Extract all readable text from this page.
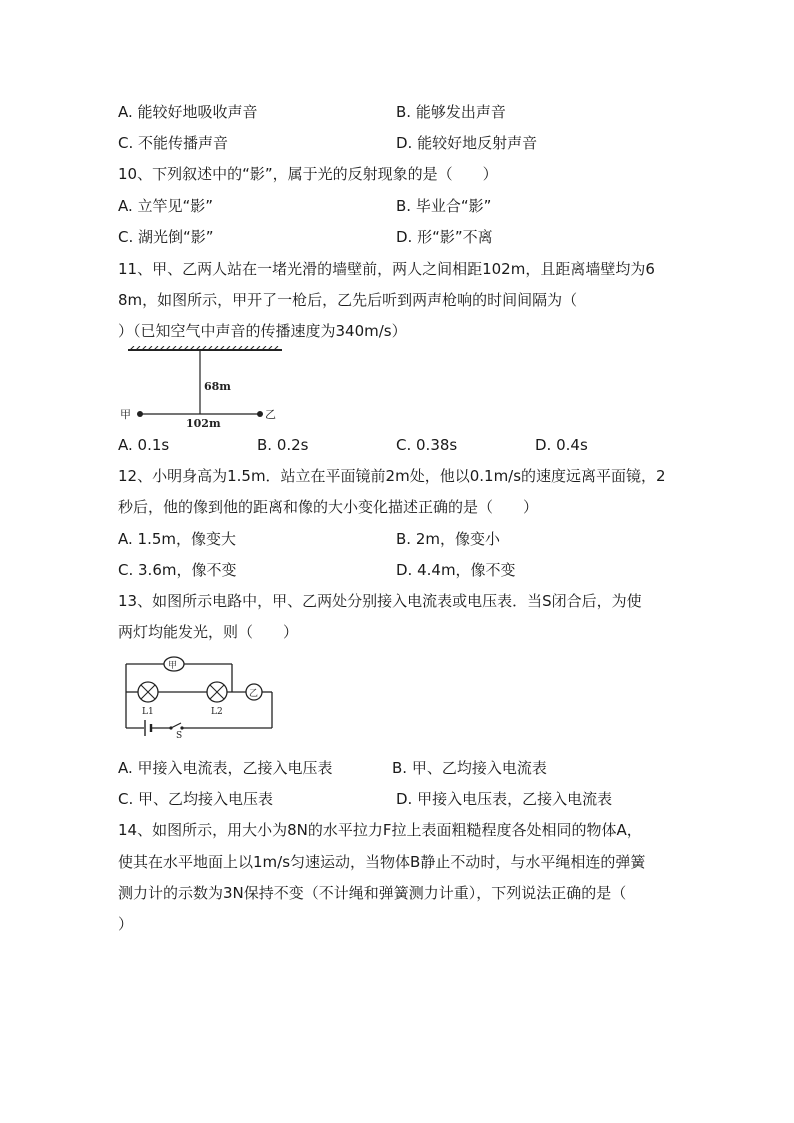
A. 能较好地吸收声音	B. 能够发出声音
C. 不能传播声音	D. 能较好地反射声音
10、下列叙述中的“影”，属于光的反射现象的是（　　）
A. 立竿见“影”	B. 毕业合“影”
C. 湖光倒“影”	D. 形“影”不离
11、甲、乙两人站在一堵光滑的墙壁前，两人之间相距102m，且距离墙壁均为6
8m，如图所示，甲开了一枪后，乙先后听到两声枪响的时间间隔为（
）（已知空气中声音的传播速度为340m/s）
68m
102m
甲	乙
A. 0.1s	B. 0.2s	C. 0.38s	D. 0.4s
12、小明身高为1.5m．站立在平面镜前2m处，他以0.1m/s的速度远离平面镜，2
秒后，他的像到他的距离和像的大小变化描述正确的是（　　）
A. 1.5m，像变大	B. 2m，像变小
C. 3.6m，像不变	D. 4.4m，像不变
13、如图所示电路中，甲、乙两处分别接入电流表或电压表．当S闭合后，为使
两灯均能发光，则（　　）
甲
L1	L2
乙
S
A. 甲接入电流表，乙接入电压表	B. 甲、乙均接入电流表
C. 甲、乙均接入电压表	D. 甲接入电压表，乙接入电流表
14、如图所示，用大小为8N的水平拉力F拉上表面粗糙程度各处相同的物体A，
使其在水平地面上以1m/s匀速运动，当物体B静止不动时，与水平绳相连的弹簧
测力计的示数为3N保持不变（不计绳和弹簧测力计重），下列说法正确的是（
）
